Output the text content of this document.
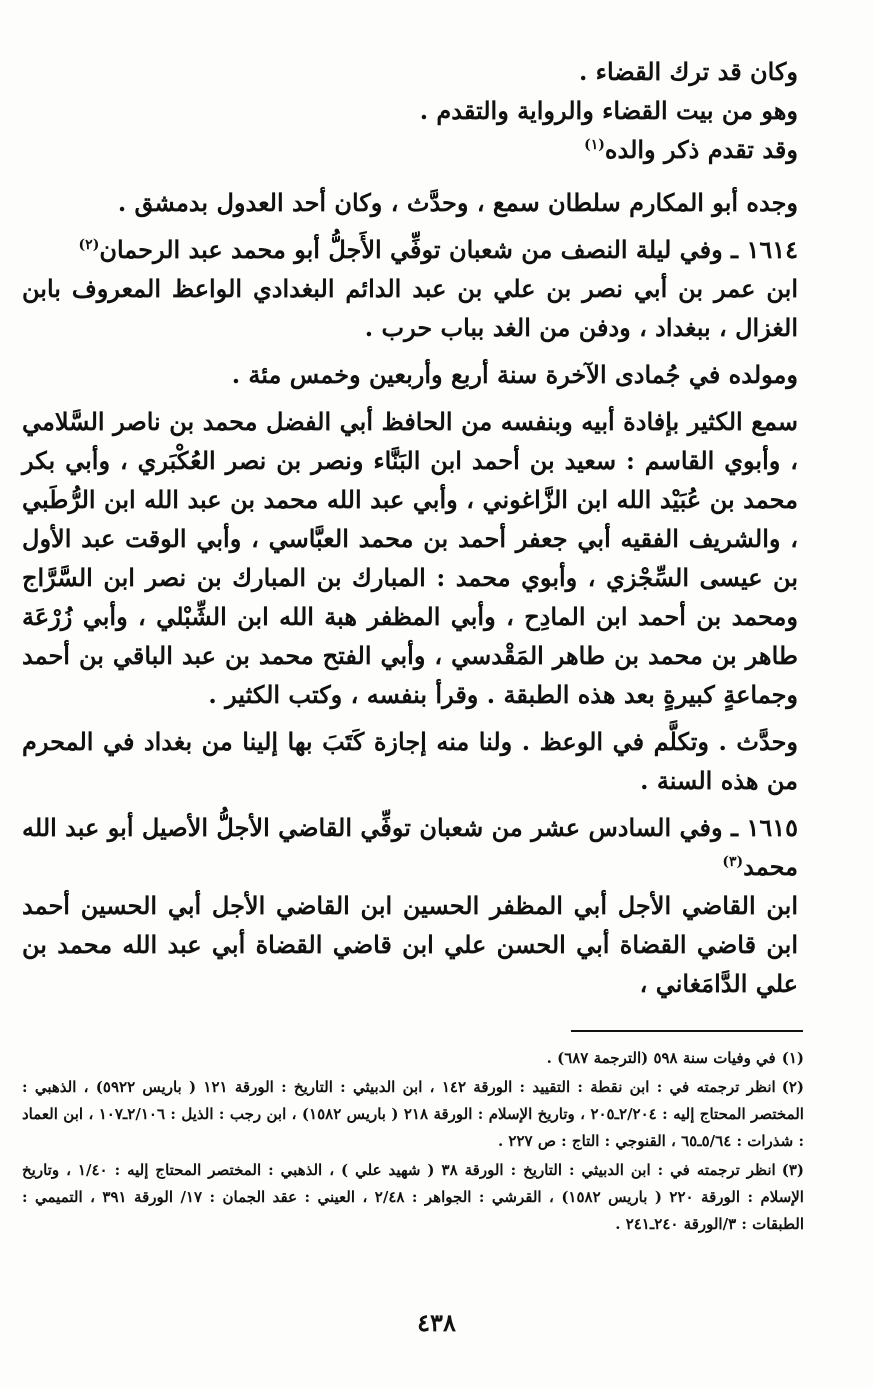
وكان قد ترك القضاء .

وهو من بيت القضاء والرواية والتقدم .

وقد تقدم ذكر والده$^{(١)}$

وجده أبو المكارم سلطان سمع ، وحدَّث ، وكان أحد العدول بدمشق .

١٦١٤ ـ وفي ليلة النصف من شعبان توفِّي الأَجلُّ أبو محمد عبد الرحمان$^{(٢)}$

ابن عمر بن أبي نصر بن علي بن عبد الدائم البغدادي الواعظ المعروف بابن الغزال ، ببغداد ، ودفن من الغد بباب حرب .

ومولده في جُمادى الآخرة سنة أربع وأربعين وخمس مئة .

سمع الكثير بإفادة أبيه وبنفسه من الحافظ أبي الفضل محمد بن ناصر السَّلامي ، وأبوي القاسم : سعيد بن أحمد ابن البَنَّاء ونصر بن نصر العُكْبَري ، وأبي بكر محمد بن عُبَيْد الله ابن الزَّاغوني ، وأبي عبد الله محمد بن عبد الله ابن الرُّطَبي ، والشريف الفقيه أبي جعفر أحمد بن محمد العبَّاسي ، وأبي الوقت عبد الأول بن عيسى السِّجْزي ، وأبوي محمد : المبارك بن المبارك بن نصر ابن السَّرَّاج ومحمد بن أحمد ابن المادِح ، وأبي المظفر هبة الله ابن الشِّبْلي ، وأبي زُرْعَة طاهر بن محمد بن طاهر المَقْدسي ، وأبي الفتح محمد بن عبد الباقي بن أحمد وجماعةٍ كبيرةٍ بعد هذه الطبقة . وقرأ بنفسه ، وكتب الكثير .

وحدَّث . وتكلَّم في الوعظ . ولنا منه إجازة كَتَبَ بها إلينا من بغداد في المحرم من هذه السنة .

١٦١٥ ـ وفي السادس عشر من شعبان توفِّي القاضي الأجلُّ الأصيل أبو عبد الله محمد$^{(٣)}$

ابن القاضي الأجل أبي المظفر الحسين ابن القاضي الأجل أبي الحسين أحمد ابن قاضي القضاة أبي الحسن علي ابن قاضي القضاة أبي عبد الله محمد بن علي الدَّامَغاني ،

(١)في وفيات سنة ٥٩٨ (الترجمة ٦٨٧) .

(٢)انظر ترجمته في : ابن نقطة : التقييد : الورقة ١٤٢ ، ابن الدبيثي : التاريخ : الورقة ١٢١ ( باريس ٥٩٢٢) ، الذهبي : المختصر المحتاج إليه : ٢/٢٠٤ـ٢٠٥ ، وتاريخ الإسلام : الورقة ٢١٨ ( باريس ١٥٨٢) ، ابن رجب : الذيل : ٢/١٠٦ـ١٠٧ ، ابن العماد : شذرات : ٥/٦٤ـ٦٥ ، القنوجي : التاج : ص ٢٢٧ .

(٣)انظر ترجمته في : ابن الدبيثي : التاريخ : الورقة ٣٨ ( شهيد علي ) ، الذهبي : المختصر المحتاج إليه : ١/٤٠ ، وتاريخ الإسلام : الورقة ٢٢٠ ( باريس ١٥٨٢) ، القرشي : الجواهر : ٢/٤٨ ، العيني : عقد الجمان : ١٧/ الورقة ٣٩١ ، التميمي : الطبقات : ٣/الورقة ٢٤٠ـ٢٤١ .

٤٣٨
